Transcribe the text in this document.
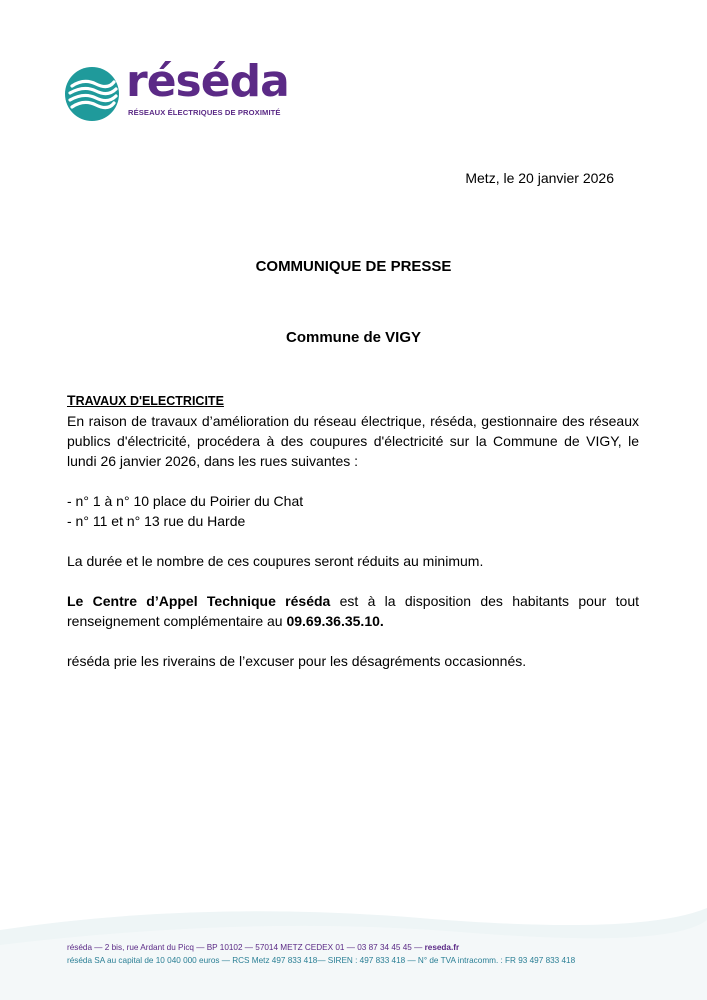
réséda
RÉSEAUX ÉLECTRIQUES DE PROXIMITÉ
Metz, le 20 janvier 2026
COMMUNIQUE DE PRESSE
Commune de VIGY

TRAVAUX D'ELECTRICITE

En raison de travaux d’amélioration du réseau électrique, réséda, gestionnaire des réseaux publics d'électricité, procédera à des coupures d'électricité sur la Commune de VIGY, le lundi 26 janvier 2026, dans les rues suivantes :

- n° 1 à n° 10 place du Poirier du Chat
- n° 11 et n° 13 rue du Harde

La durée et le nombre de ces coupures seront réduits au minimum.

Le Centre d’Appel Technique réséda est à la disposition des habitants pour tout renseignement complémentaire au 09.69.36.35.10.

réséda prie les riverains de l’excuser pour les désagréments occasionnés.

réséda — 2 bis, rue Ardant du Picq — BP 10102 — 57014 METZ CEDEX 01 — 03 87 34 45 45 — reseda.fr
réséda SA au capital de 10 040 000 euros — RCS Metz 497 833 418— SIREN : 497 833 418 — N° de TVA intracomm. : FR 93 497 833 418
